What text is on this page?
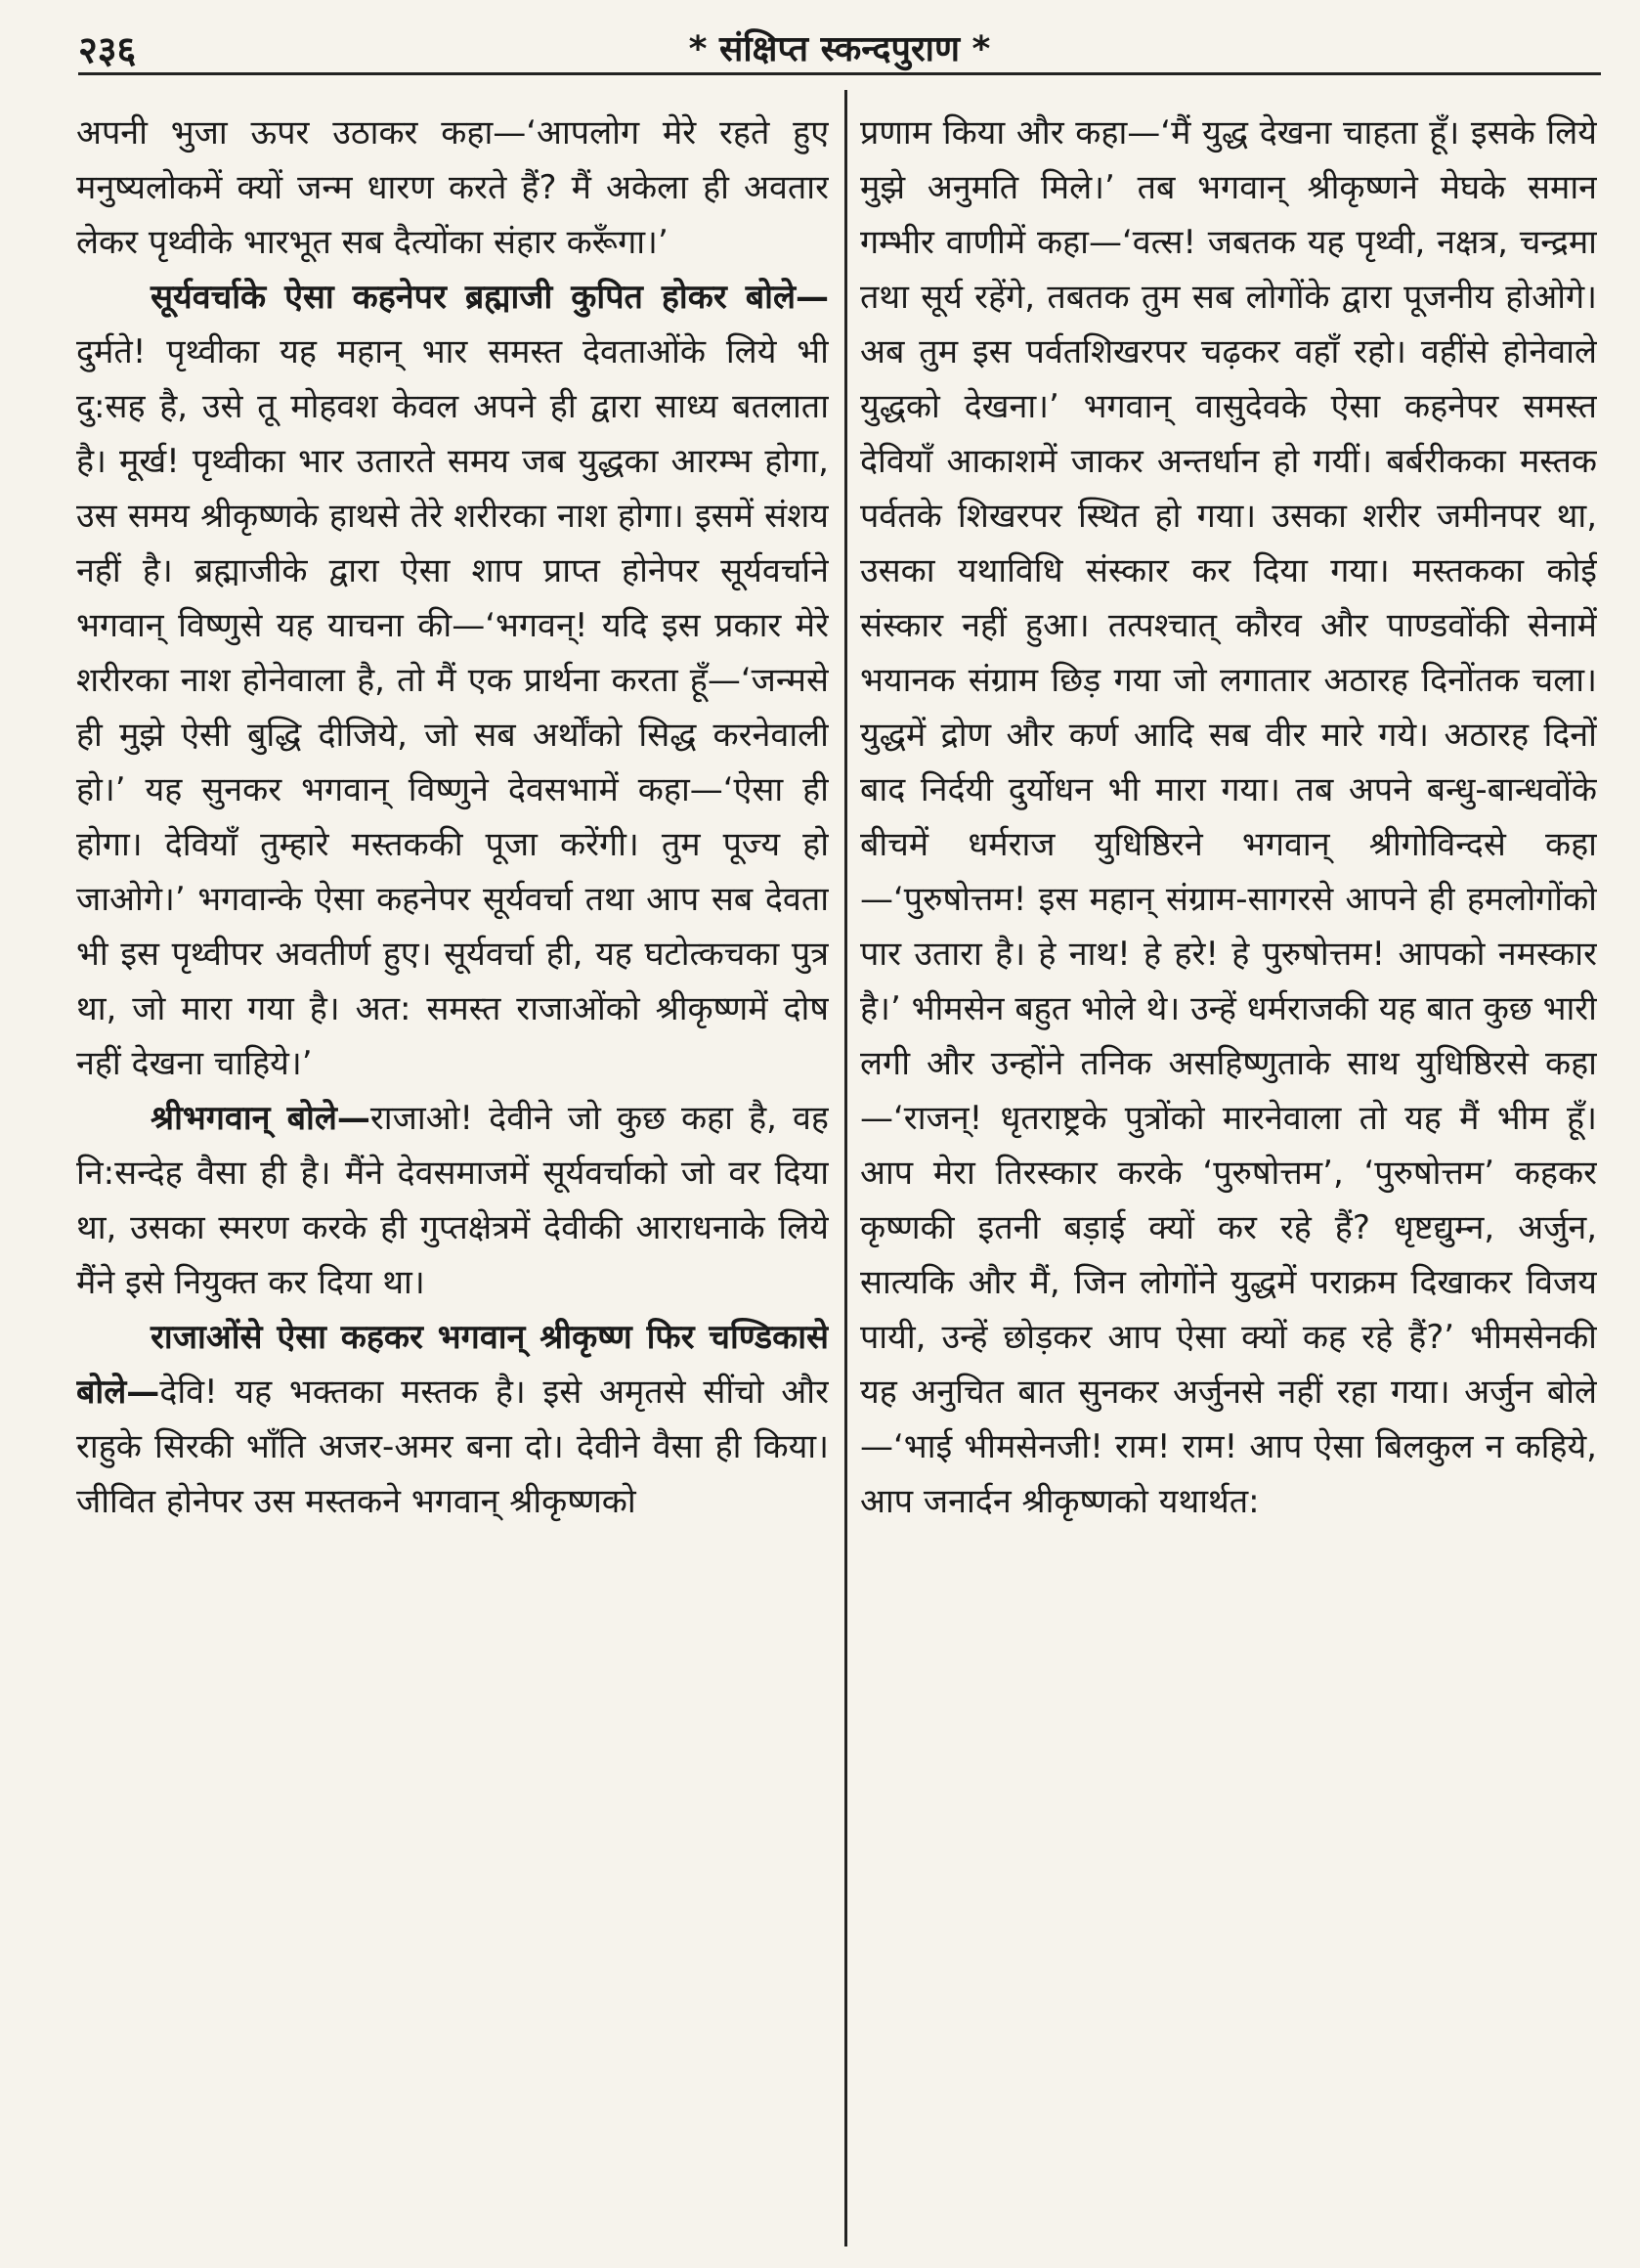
२३६	* संक्षिप्त स्कन्दपुराण *

अपनी भुजा ऊपर उठाकर कहा—‘आपलोग मेरे रहते हुए मनुष्यलोकमें क्यों जन्म धारण करते हैं? मैं अकेला ही अवतार लेकर पृथ्वीके भारभूत सब दैत्योंका संहार करूँगा।’

सूर्यवर्चाके ऐसा कहनेपर ब्रह्माजी कुपित होकर बोले—दुर्मते! पृथ्वीका यह महान् भार समस्त देवताओंके लिये भी दु:सह है, उसे तू मोहवश केवल अपने ही द्वारा साध्य बतलाता है। मूर्ख! पृथ्वीका भार उतारते समय जब युद्धका आरम्भ होगा, उस समय श्रीकृष्णके हाथसे तेरे शरीरका नाश होगा। इसमें संशय नहीं है। ब्रह्माजीके द्वारा ऐसा शाप प्राप्त होनेपर सूर्यवर्चाने भगवान् विष्णुसे यह याचना की—‘भगवन्! यदि इस प्रकार मेरे शरीरका नाश होनेवाला है, तो मैं एक प्रार्थना करता हूँ—‘जन्मसे ही मुझे ऐसी बुद्धि दीजिये, जो सब अर्थोंको सिद्ध करनेवाली हो।’ यह सुनकर भगवान् विष्णुने देवसभामें कहा—‘ऐसा ही होगा। देवियाँ तुम्हारे मस्तककी पूजा करेंगी। तुम पूज्य हो जाओगे।’ भगवान्के ऐसा कहनेपर सूर्यवर्चा तथा आप सब देवता भी इस पृथ्वीपर अवतीर्ण हुए। सूर्यवर्चा ही, यह घटोत्कचका पुत्र था, जो मारा गया है। अत: समस्त राजाओंको श्रीकृष्णमें दोष नहीं देखना चाहिये।’

श्रीभगवान् बोले—राजाओ! देवीने जो कुछ कहा है, वह नि:सन्देह वैसा ही है। मैंने देवसमाजमें सूर्यवर्चाको जो वर दिया था, उसका स्मरण करके ही गुप्तक्षेत्रमें देवीकी आराधनाके लिये मैंने इसे नियुक्त कर दिया था।

राजाओंसे ऐसा कहकर भगवान् श्रीकृष्ण फिर चण्डिकासे बोले—देवि! यह भक्तका मस्तक है। इसे अमृतसे सींचो और राहुके सिरकी भाँति अजर-अमर बना दो। देवीने वैसा ही किया। जीवित होनेपर उस मस्तकने भगवान् श्रीकृष्णको

प्रणाम किया और कहा—‘मैं युद्ध देखना चाहता हूँ। इसके लिये मुझे अनुमति मिले।’ तब भगवान् श्रीकृष्णने मेघके समान गम्भीर वाणीमें कहा—‘वत्स! जबतक यह पृथ्वी, नक्षत्र, चन्द्रमा तथा सूर्य रहेंगे, तबतक तुम सब लोगोंके द्वारा पूजनीय होओगे। अब तुम इस पर्वतशिखरपर चढ़कर वहाँ रहो। वहींसे होनेवाले युद्धको देखना।’ भगवान् वासुदेवके ऐसा कहनेपर समस्त देवियाँ आकाशमें जाकर अन्तर्धान हो गयीं। बर्बरीकका मस्तक पर्वतके शिखरपर स्थित हो गया। उसका शरीर जमीनपर था, उसका यथाविधि संस्कार कर दिया गया। मस्तकका कोई संस्कार नहीं हुआ। तत्पश्चात् कौरव और पाण्डवोंकी सेनामें भयानक संग्राम छिड़ गया जो लगातार अठारह दिनोंतक चला। युद्धमें द्रोण और कर्ण आदि सब वीर मारे गये। अठारह दिनों बाद निर्दयी दुर्योधन भी मारा गया। तब अपने बन्धु-बान्धवोंके बीचमें धर्मराज युधिष्ठिरने भगवान् श्रीगोविन्दसे कहा—‘पुरुषोत्तम! इस महान् संग्राम-सागरसे आपने ही हमलोगोंको पार उतारा है। हे नाथ! हे हरे! हे पुरुषोत्तम! आपको नमस्कार है।’ भीमसेन बहुत भोले थे। उन्हें धर्मराजकी यह बात कुछ भारी लगी और उन्होंने तनिक असहिष्णुताके साथ युधिष्ठिरसे कहा—‘राजन्! धृतराष्ट्रके पुत्रोंको मारनेवाला तो यह मैं भीम हूँ। आप मेरा तिरस्कार करके ‘पुरुषोत्तम’, ‘पुरुषोत्तम’ कहकर कृष्णकी इतनी बड़ाई क्यों कर रहे हैं? धृष्टद्युम्न, अर्जुन, सात्यकि और मैं, जिन लोगोंने युद्धमें पराक्रम दिखाकर विजय पायी, उन्हें छोड़कर आप ऐसा क्यों कह रहे हैं?’ भीमसेनकी यह अनुचित बात सुनकर अर्जुनसे नहीं रहा गया। अर्जुन बोले—‘भाई भीमसेनजी! राम! राम! आप ऐसा बिलकुल न कहिये, आप जनार्दन श्रीकृष्णको यथार्थत:
